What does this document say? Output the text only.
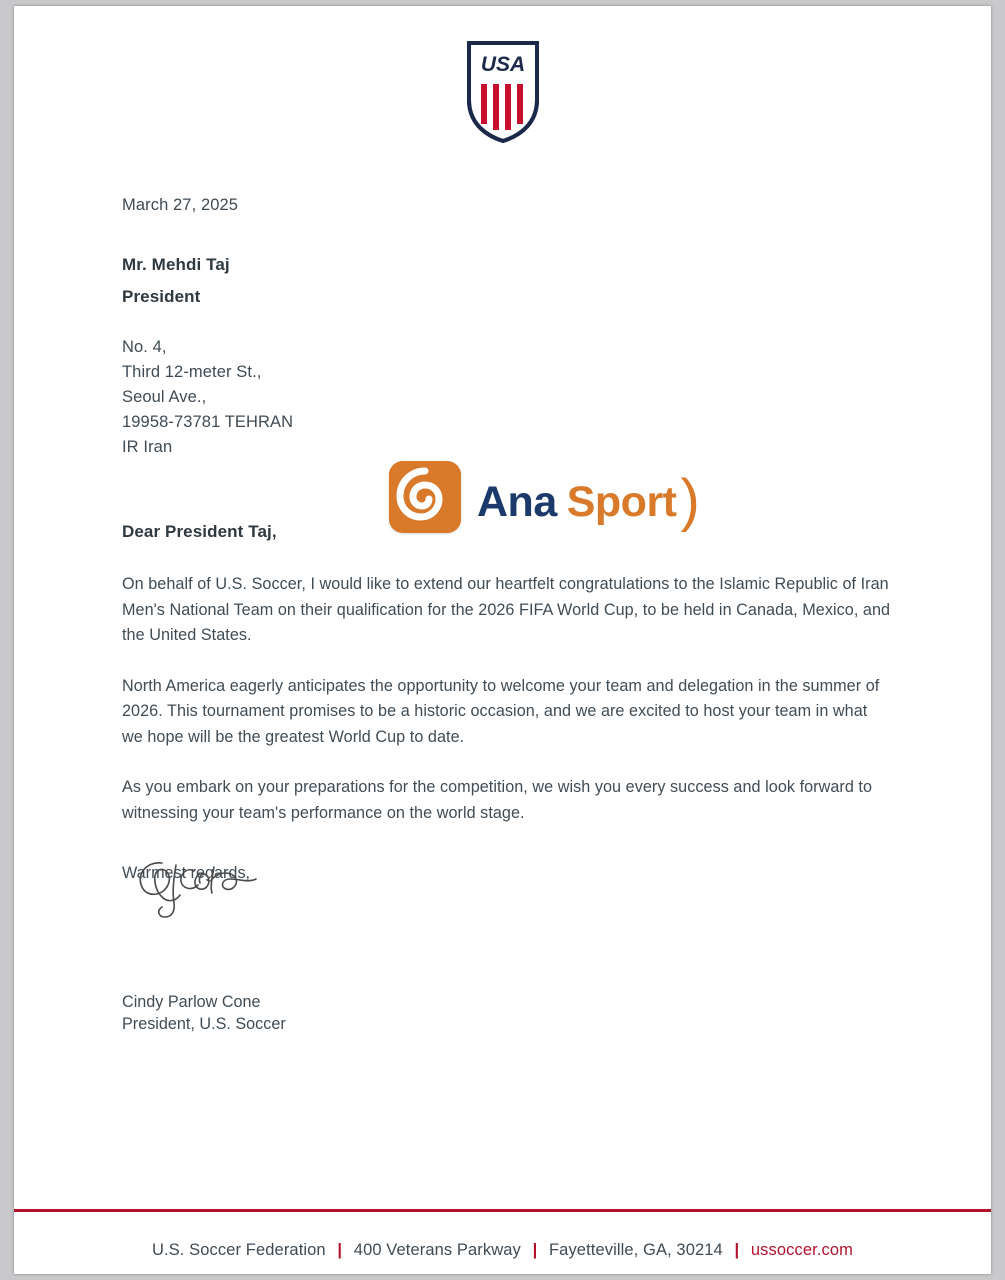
USA
March 27, 2025
Mr. Mehdi Taj
President
No. 4,
Third 12-meter St.,
Seoul Ave.,
19958-73781 TEHRAN
IR Iran
Dear President Taj,

On behalf of U.S. Soccer, I would like to extend our heartfelt congratulations to the Islamic Republic of Iran Men's National Team on their qualification for the 2026 FIFA World Cup, to be held in Canada, Mexico, and the United States.

North America eagerly anticipates the opportunity to welcome your team and delegation in the summer of 2026. This tournament promises to be a historic occasion, and we are excited to host your team in what we hope will be the greatest World Cup to date.

As you embark on your preparations for the competition, we wish you every success and look forward to witnessing your team's performance on the world stage.

Warmest regards,
Cindy Parlow Cone
President, U.S. Soccer
Ana Sport)
U.S. Soccer Federation | 400 Veterans Parkway | Fayetteville, GA, 30214 | ussoccer.com
